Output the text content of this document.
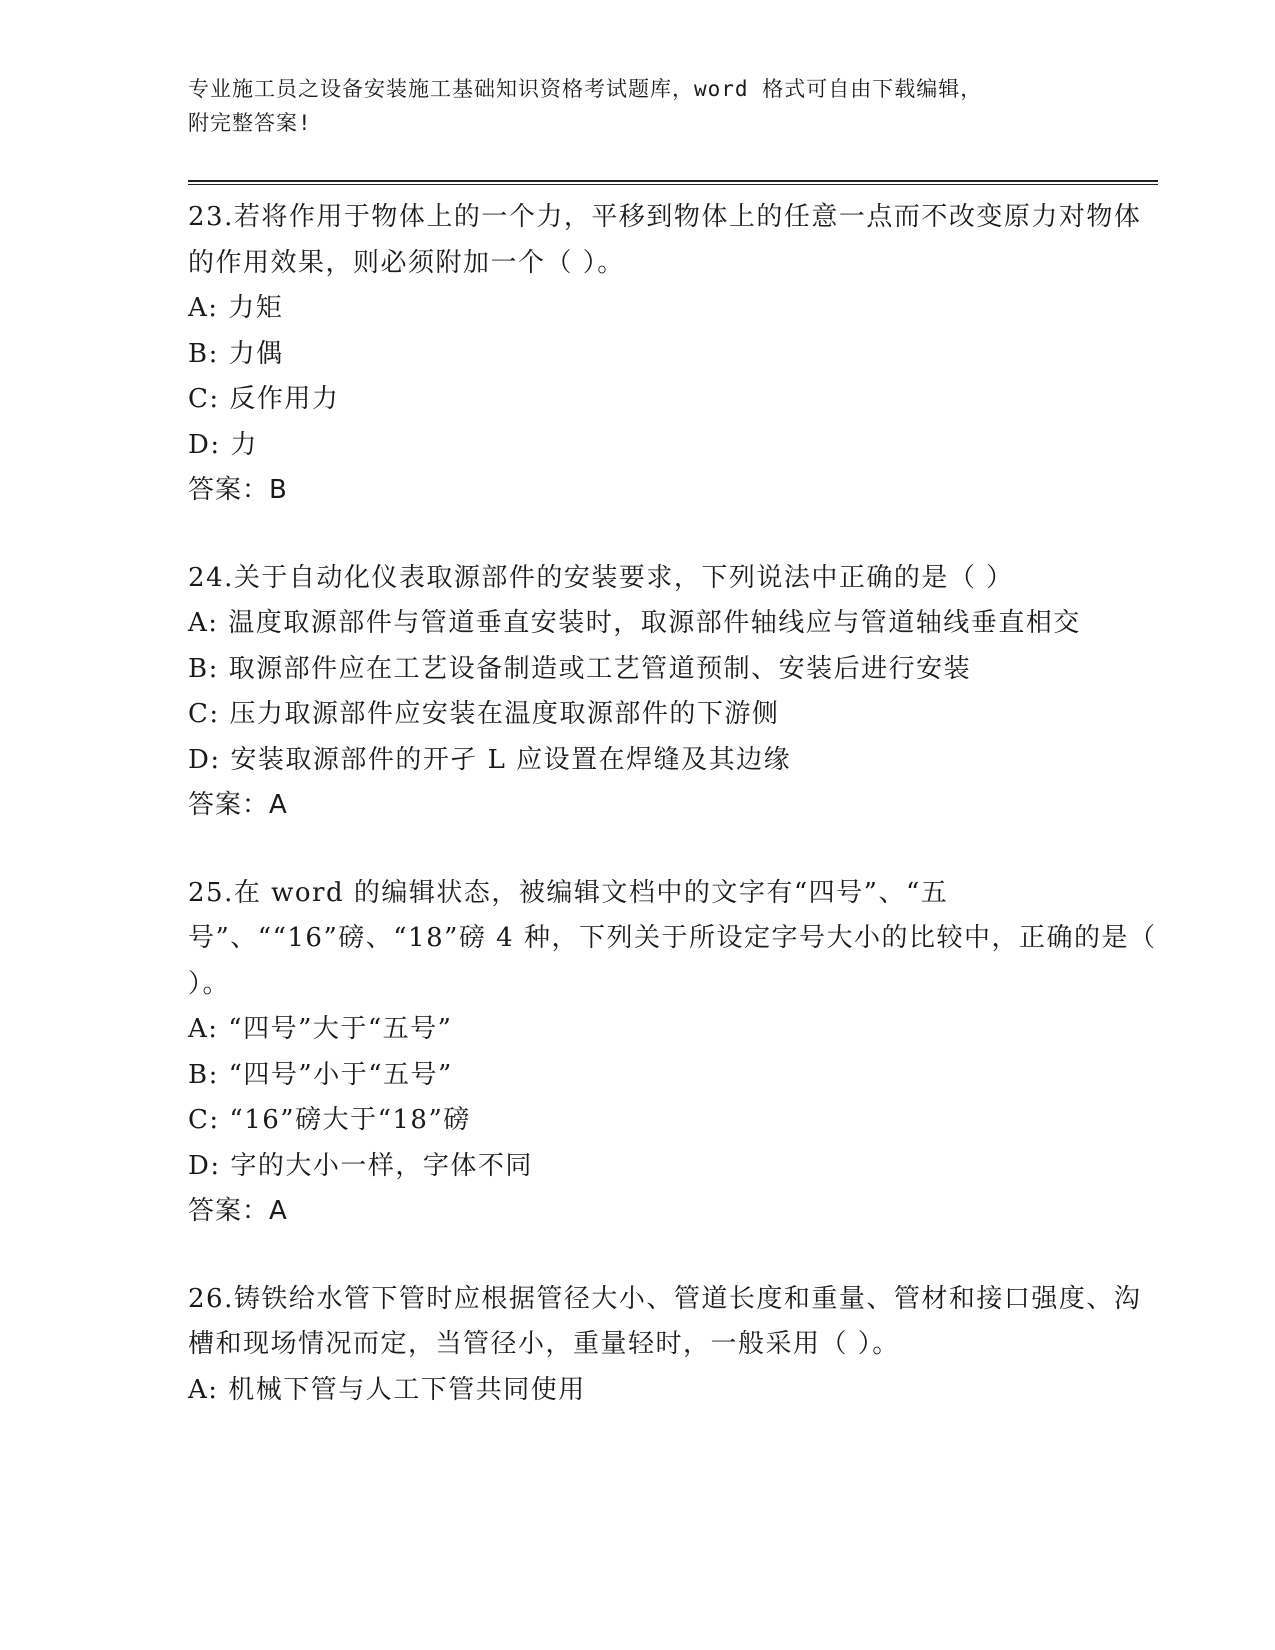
专业施工员之设备安装施工基础知识资格考试题库，word 格式可自由下载编辑，

附完整答案!

23.若将作用于物体上的一个力，平移到物体上的任意一点而不改变原力对物体的作用效果，则必须附加一个（ ）。

A: 力矩

B: 力偶

C: 反作用力

D: 力

答案：B

24.关于自动化仪表取源部件的安装要求，下列说法中正确的是（ ）

A: 温度取源部件与管道垂直安装时，取源部件轴线应与管道轴线垂直相交

B: 取源部件应在工艺设备制造或工艺管道预制、安装后进行安装

C: 压力取源部件应安装在温度取源部件的下游侧

D: 安装取源部件的开孑 L 应设置在焊缝及其边缘

答案：A

25.在 word 的编辑状态，被编辑文档中的文字有“四号”、“五号”、““16”磅、“18”磅 4 种，下列关于所设定字号大小的比较中，正确的是（ ）。

A: “四号”大于“五号”

B: “四号”小于“五号”

C: “16”磅大于“18”磅

D: 字的大小一样，字体不同

答案：A

26.铸铁给水管下管时应根据管径大小、管道长度和重量、管材和接口强度、沟槽和现场情况而定，当管径小，重量轻时，一般采用（ ）。

A: 机械下管与人工下管共同使用
